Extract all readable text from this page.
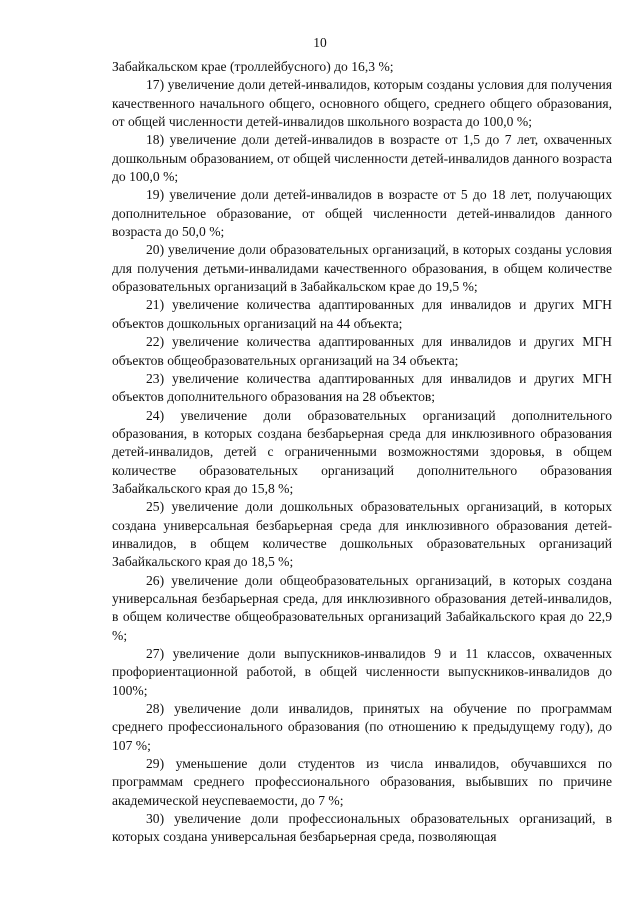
10

Забайкальском крае (троллейбусного) до 16,3 %;

17) увеличение доли детей-инвалидов, которым созданы условия для получения качественного начального общего, основного общего, среднего общего образования, от общей численности детей-инвалидов школьного возраста до 100,0 %;

18) увеличение доли детей-инвалидов в возрасте от 1,5 до 7 лет, охваченных дошкольным образованием, от общей численности детей-инвалидов данного возраста до 100,0 %;

19) увеличение доли детей-инвалидов в возрасте от 5 до 18 лет, получающих дополнительное образование, от общей численности детей-инвалидов данного возраста до 50,0 %;

20) увеличение доли образовательных организаций, в которых созданы условия для получения детьми-инвалидами качественного образования, в общем количестве образовательных организаций в Забайкальском крае до 19,5 %;

21) увеличение количества адаптированных для инвалидов и других МГН объектов дошкольных организаций на 44 объекта;

22) увеличение количества адаптированных для инвалидов и других МГН объектов общеобразовательных организаций на 34 объекта;

23) увеличение количества адаптированных для инвалидов и других МГН объектов дополнительного образования на 28 объектов;

24) увеличение доли образовательных организаций дополнительного образования, в которых создана безбарьерная среда для инклюзивного образования детей-инвалидов, детей с ограниченными возможностями здоровья, в общем количестве образовательных организаций дополнительного образования Забайкальского края до 15,8 %;

25) увеличение доли дошкольных образовательных организаций, в которых создана универсальная безбарьерная среда для инклюзивного образования детей-инвалидов, в общем количестве дошкольных образовательных организаций Забайкальского края до 18,5 %;

26) увеличение доли общеобразовательных организаций, в которых создана универсальная безбарьерная среда, для инклюзивного образования детей-инвалидов, в общем количестве общеобразовательных организаций Забайкальского края до 22,9 %;

27) увеличение доли выпускников-инвалидов 9 и 11 классов, охваченных профориентационной работой, в общей численности выпускников-инвалидов до 100%;

28) увеличение доли инвалидов, принятых на обучение по программам среднего профессионального образования (по отношению к предыдущему году), до 107 %;

29) уменьшение доли студентов из числа инвалидов, обучавшихся по программам среднего профессионального образования, выбывших по причине академической неуспеваемости, до 7 %;

30) увеличение доли профессиональных образовательных организаций, в которых создана универсальная безбарьерная среда, позволяющая
